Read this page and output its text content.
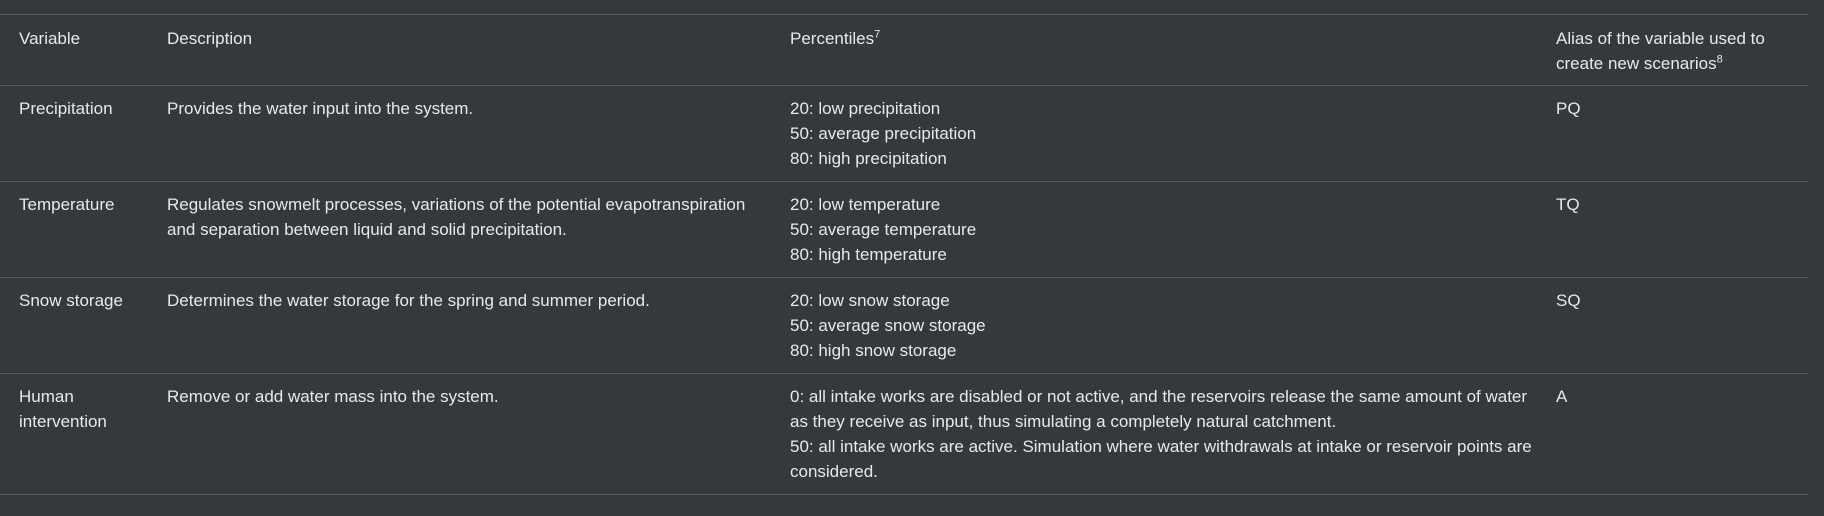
Variable	Description	Percentiles$^7$	Alias of the variable used to create new scenarios$^8$
Precipitation	Provides the water input into the system.	20: low precipitation
50: average precipitation
80: high precipitation	PQ
Temperature	Regulates snowmelt processes, variations of the potential evapotranspiration and separation between liquid and solid precipitation.	20: low temperature
50: average temperature
80: high temperature	TQ
Snow storage	Determines the water storage for the spring and summer period.	20: low snow storage
50: average snow storage
80: high snow storage	SQ
Human intervention	Remove or add water mass into the system.	0: all intake works are disabled or not active, and the reservoirs release the same amount of water as they receive as input, thus simulating a completely natural catchment.
50: all intake works are active. Simulation where water withdrawals at intake or reservoir points are considered.	A
